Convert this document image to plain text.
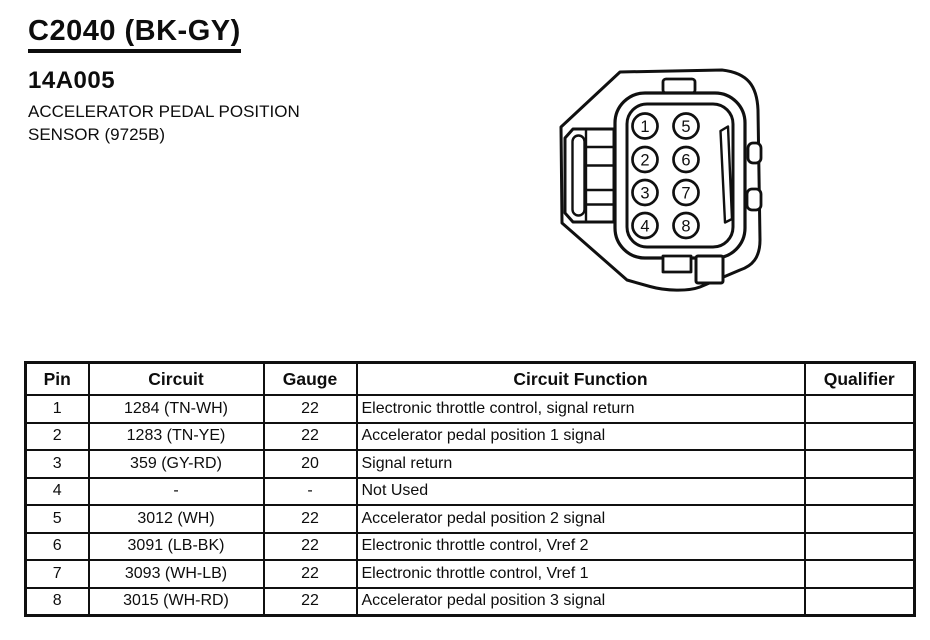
C2040 (BK-GY)
14A005
ACCELERATOR PEDAL POSITION
SENSOR (9725B)	1
2
3
4
5
6
7
8
Pin	Circuit	Gauge	Circuit Function	Qualifier
1	1284 (TN-WH)	22	Electronic throttle control, signal return	
2	1283 (TN-YE)	22	Accelerator pedal position 1 signal	
3	359 (GY-RD)	20	Signal return	
4	-	-	Not Used	
5	3012 (WH)	22	Accelerator pedal position 2 signal	
6	3091 (LB-BK)	22	Electronic throttle control, Vref 2	
7	3093 (WH-LB)	22	Electronic throttle control, Vref 1	
8	3015 (WH-RD)	22	Accelerator pedal position 3 signal	
